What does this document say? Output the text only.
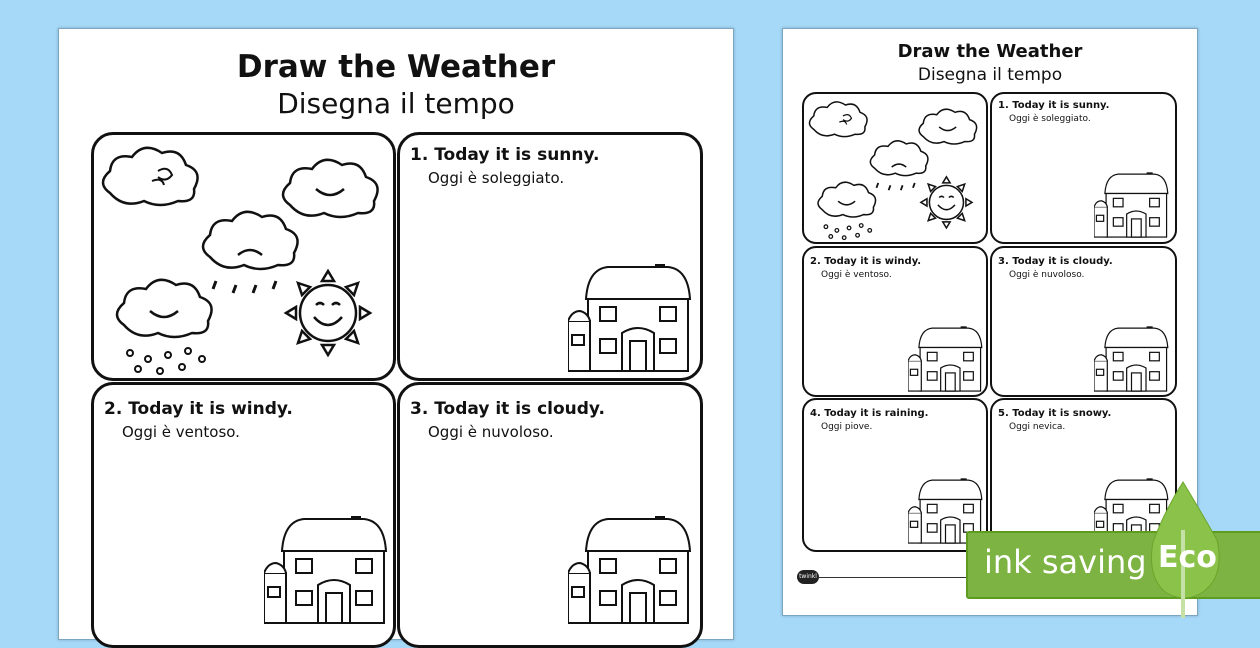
Draw the Weather
Disegna il tempo
1. Today it is sunny.
Oggi è soleggiato.
2. Today it is windy.
Oggi è ventoso.
3. Today it is cloudy.
Oggi è nuvoloso.
Draw the Weather
Disegna il tempo
1. Today it is sunny.
Oggi è soleggiato.
2. Today it is windy.
Oggi è ventoso.
3. Today it is cloudy.
Oggi è nuvoloso.
4. Today it is raining.
Oggi piove.
5. Today it is snowy.
Oggi nevica.
twinkl	ink saving Eco
